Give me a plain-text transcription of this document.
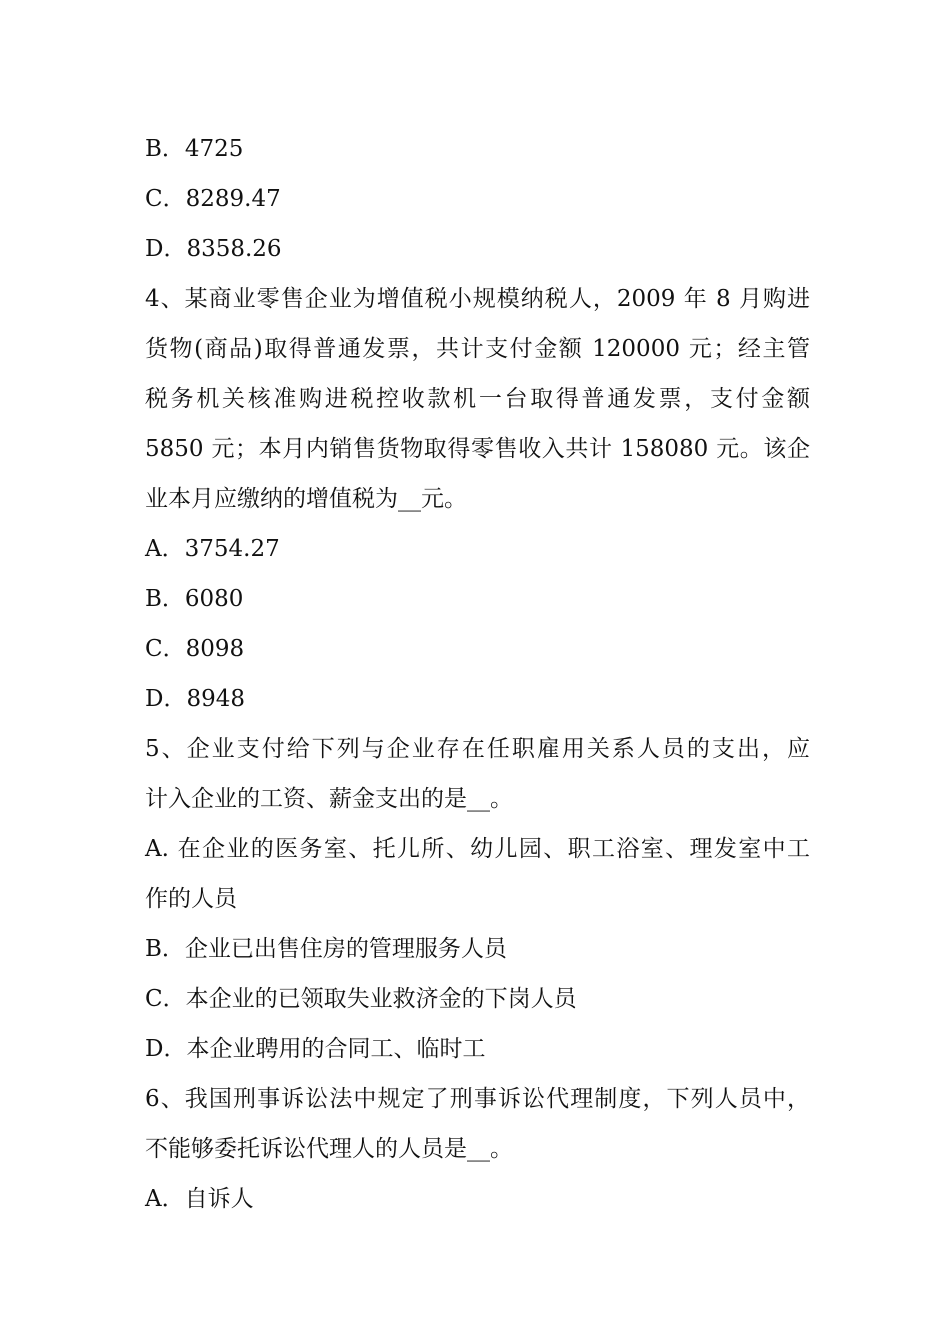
B．4725
C．8289.47
D．8358.26
4、某商业零售企业为增值税小规模纳税人，2009 年 8 月购进
货物(商品)取得普通发票，共计支付金额 120000 元；经主管
税务机关核准购进税控收款机一台取得普通发票，支付金额
5850 元；本月内销售货物取得零售收入共计 158080 元。该企
业本月应缴纳的增值税为__元。
A．3754.27
B．6080
C．8098
D．8948
5、企业支付给下列与企业存在任职雇用关系人员的支出，应
计入企业的工资、薪金支出的是__。
A. 在企业的医务室、托儿所、幼儿园、职工浴室、理发室中工
作的人员
B．企业已出售住房的管理服务人员
C．本企业的已领取失业救济金的下岗人员
D．本企业聘用的合同工、临时工
6、我国刑事诉讼法中规定了刑事诉讼代理制度，下列人员中，
不能够委托诉讼代理人的人员是__。
A．自诉人
